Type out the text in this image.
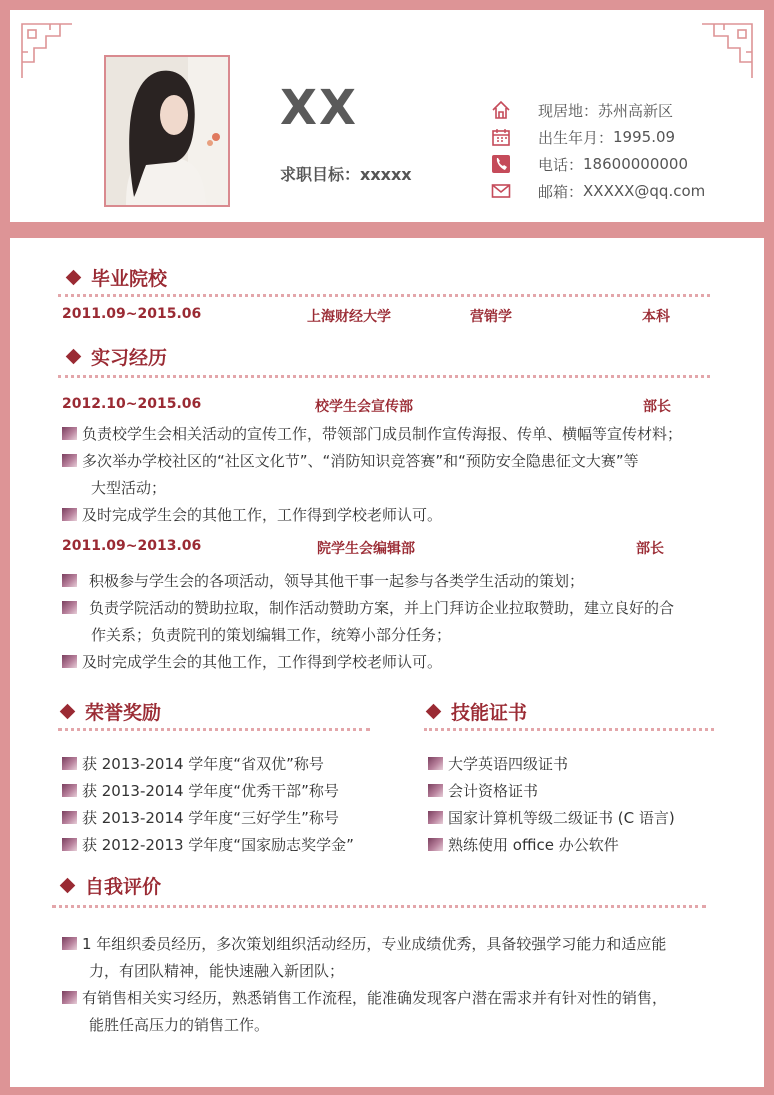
XX
求职目标：xxxxx
现居地： 苏州高新区
出生年月： 1995.09
电话： 18600000000
邮箱： XXXXX@qq.com
毕业院校
2011.09~2015.06	上海财经大学	营销学	本科
实习经历
2012.10~2015.06	校学生会宣传部	部长
负责校学生会相关活动的宣传工作，带领部门成员制作宣传海报、传单、横幅等宣传材料；
多次举办学校社区的“社区文化节”、“消防知识竞答赛”和“预防安全隐患征文大赛”等
大型活动；
及时完成学生会的其他工作，工作得到学校老师认可。
2011.09~2013.06	院学生会编辑部	部长
积极参与学生会的各项活动，领导其他干事一起参与各类学生活动的策划；
负责学院活动的赞助拉取，制作活动赞助方案，并上门拜访企业拉取赞助，建立良好的合
作关系；负责院刊的策划编辑工作，统筹小部分任务；
及时完成学生会的其他工作，工作得到学校老师认可。
荣誉奖励
获 2013-2014 学年度“省双优”称号
获 2013-2014 学年度“优秀干部”称号
获 2013-2014 学年度“三好学生”称号
获 2012-2013 学年度“国家励志奖学金”
技能证书
大学英语四级证书
会计资格证书
国家计算机等级二级证书 (C 语言)
熟练使用 office 办公软件
自我评价
1 年组织委员经历，多次策划组织活动经历，专业成绩优秀，具备较强学习能力和适应能
力，有团队精神，能快速融入新团队；
有销售相关实习经历，熟悉销售工作流程，能准确发现客户潜在需求并有针对性的销售，
能胜任高压力的销售工作。
